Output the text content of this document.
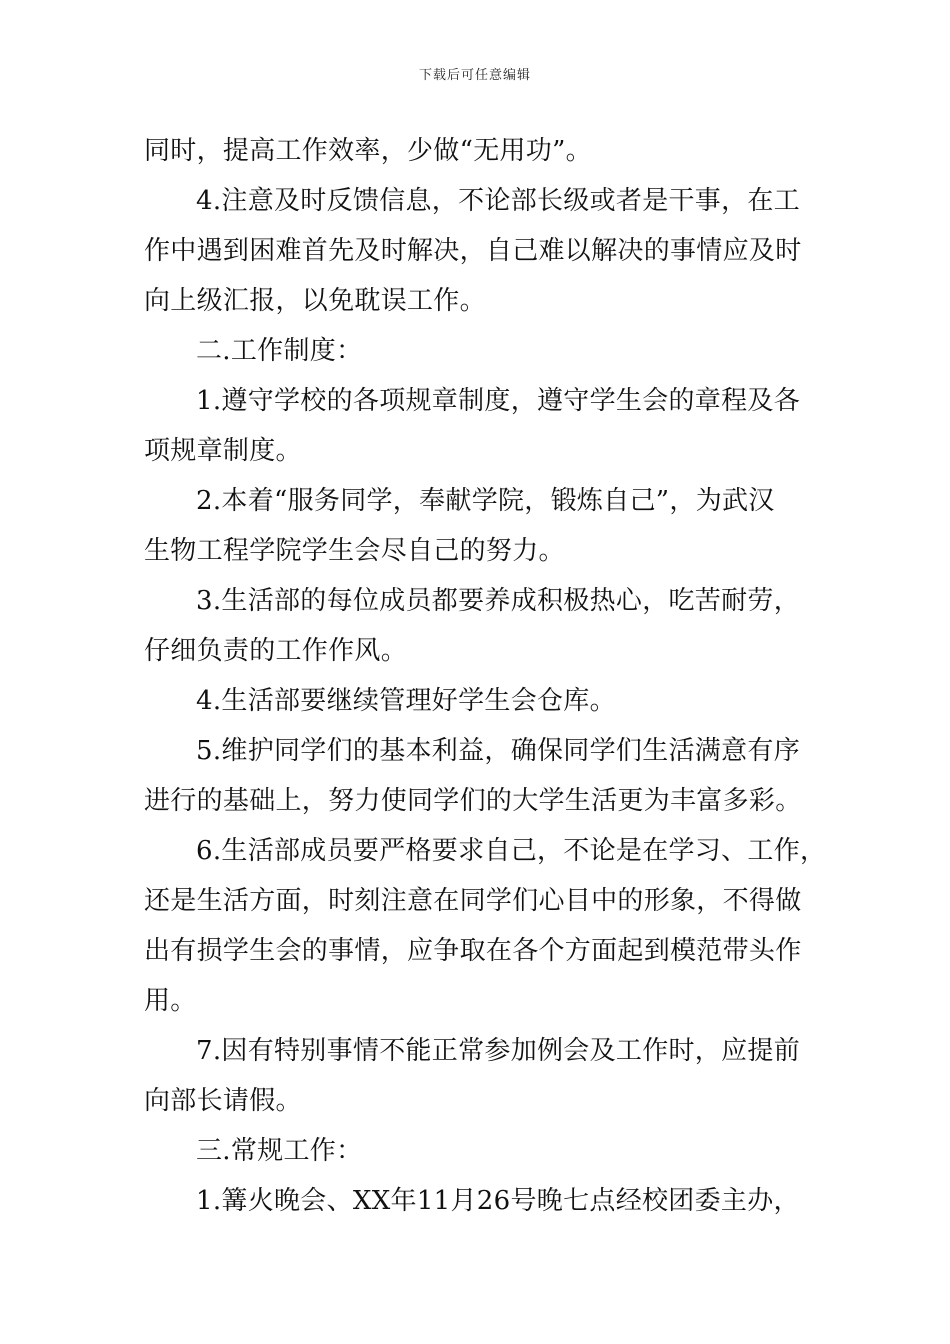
下载后可任意编辑
同时，提高工作效率，少做“无用功”。
4.注意及时反馈信息，不论部长级或者是干事，在工
作中遇到困难首先及时解决，自己难以解决的事情应及时
向上级汇报，以免耽误工作。
二.工作制度：
1.遵守学校的各项规章制度，遵守学生会的章程及各
项规章制度。
2.本着“服务同学，奉献学院，锻炼自己”，为武汉
生物工程学院学生会尽自己的努力。
3.生活部的每位成员都要养成积极热心，吃苦耐劳，
仔细负责的工作作风。
4.生活部要继续管理好学生会仓库。
5.维护同学们的基本利益，确保同学们生活满意有序
进行的基础上，努力使同学们的大学生活更为丰富多彩。
6.生活部成员要严格要求自己，不论是在学习、工作，
还是生活方面，时刻注意在同学们心目中的形象，不得做
出有损学生会的事情，应争取在各个方面起到模范带头作
用。
7.因有特别事情不能正常参加例会及工作时，应提前
向部长请假。
三.常规工作：
1.篝火晚会、XX年11月26号晚七点经校团委主办，
